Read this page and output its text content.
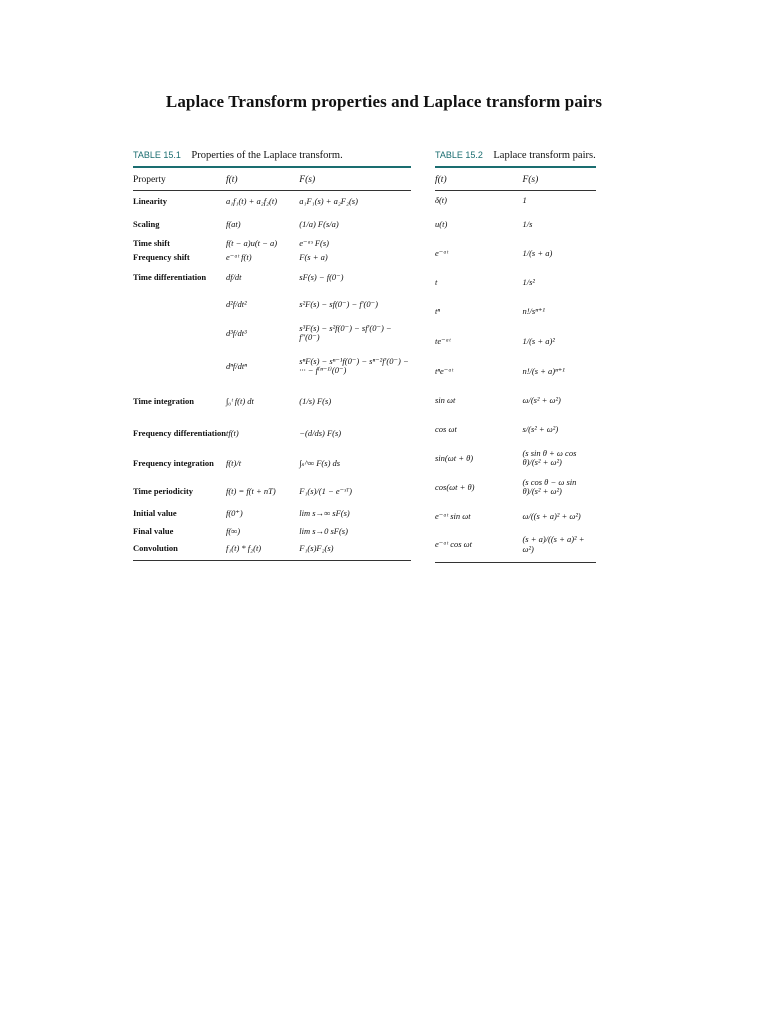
Laplace Transform properties and Laplace transform pairs
TABLE 15.1 Properties of the Laplace transform.
Property	f(t)	F(s)
Linearity	a₁f₁(t) + a₂f₂(t)	a₁F₁(s) + a₂F₂(s)
Scaling	f(at)	(1/a) F(s/a)
Time shift	f(t − a)u(t − a)	e⁻ᵃˢ F(s)
Frequency shift	e⁻ᵃᵗ f(t)	F(s + a)
Time differentiation	df/dt	sF(s) − f(0⁻)
	d²f/dt²	s²F(s) − sf(0⁻) − f′(0⁻)
	d³f/dt³	s³F(s) − s²f(0⁻) − sf′(0⁻) − f″(0⁻)
	dⁿf/dtⁿ	sⁿF(s) − sⁿ⁻¹f(0⁻) − sⁿ⁻²f′(0⁻) − ··· − f⁽ⁿ⁻¹⁾(0⁻)
Time integration	∫₀ᵗ f(t) dt	(1/s) F(s)
Frequency differentiation	tf(t)	−(d/ds) F(s)
Frequency integration	f(t)/t	∫ₛ^∞ F(s) ds
Time periodicity	f(t) = f(t + nT)	F₁(s)/(1 − e⁻ˢᵀ)
Initial value	f(0⁺)	lim s→∞ sF(s)
Final value	f(∞)	lim s→0 sF(s)
Convolution	f₁(t) * f₂(t)	F₁(s)F₂(s)
TABLE 15.2 Laplace transform pairs.
f(t)	F(s)
δ(t)	1
u(t)	1/s
e⁻ᵃᵗ	1/(s + a)
t	1/s²
tⁿ	n!/sⁿ⁺¹
te⁻ᵃᵗ	1/(s + a)²
tⁿe⁻ᵃᵗ	n!/(s + a)ⁿ⁺¹
sin ωt	ω/(s² + ω²)
cos ωt	s/(s² + ω²)
sin(ωt + θ)	(s sin θ + ω cos θ)/(s² + ω²)
cos(ωt + θ)	(s cos θ − ω sin θ)/(s² + ω²)
e⁻ᵃᵗ sin ωt	ω/((s + a)² + ω²)
e⁻ᵃᵗ cos ωt	(s + a)/((s + a)² + ω²)
